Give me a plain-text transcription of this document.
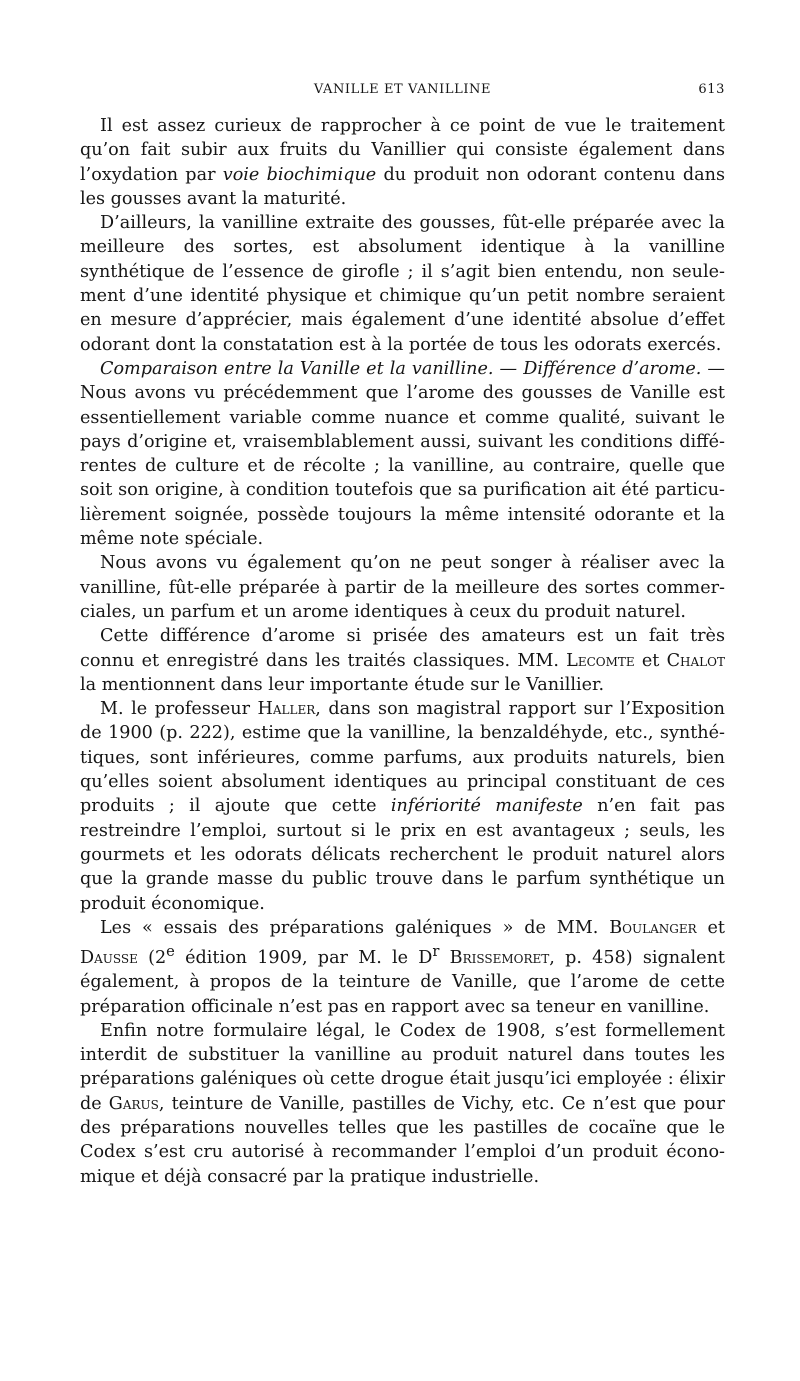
VANILLE ET VANILLINE	613

Il est assez curieux de rapprocher à ce point de vue le traitement qu’on fait subir aux fruits du Vanillier qui consiste également dans l’oxydation par voie biochimique du produit non odorant contenu dans les gousses avant la maturité.

D’ailleurs, la vanilline extraite des gousses, fût-elle préparée avec la meilleure des sortes, est absolument identique à la vanilline synthétique de l’essence de girofle ; il s’agit bien entendu, non seulement d’une identité physique et chimique qu’un petit nombre seraient en mesure d’apprécier, mais également d’une identité absolue d’effet odorant dont la constatation est à la portée de tous les odorats exercés.

Comparaison entre la Vanille et la vanilline. — Différence d’arome. — Nous avons vu précédemment que l’arome des gousses de Vanille est essentiellement variable comme nuance et comme qualité, suivant le pays d’origine et, vraisemblablement aussi, suivant les conditions différentes de culture et de récolte ; la vanilline, au contraire, quelle que soit son origine, à condition toutefois que sa purification ait été particulièrement soignée, possède toujours la même intensité odorante et la même note spéciale.

Nous avons vu également qu’on ne peut songer à réaliser avec la vanilline, fût-elle préparée à partir de la meilleure des sortes commerciales, un parfum et un arome identiques à ceux du produit naturel.

Cette différence d’arome si prisée des amateurs est un fait très connu et enregistré dans les traités classiques. MM. Lecomte et Chalot la mentionnent dans leur importante étude sur le Vanillier.

M. le professeur Haller, dans son magistral rapport sur l’Exposition de 1900 (p. 222), estime que la vanilline, la benzaldéhyde, etc., synthétiques, sont inférieures, comme parfums, aux produits naturels, bien qu’elles soient absolument identiques au principal constituant de ces produits ; il ajoute que cette infériorité manifeste n’en fait pas restreindre l’emploi, surtout si le prix en est avantageux ; seuls, les gourmets et les odorats délicats recherchent le produit naturel alors que la grande masse du public trouve dans le parfum synthétique un produit économique.

Les « essais des préparations galéniques » de MM. Boulanger et Dausse (2e édition 1909, par M. le $D^r$ Brissemoret, p. 458) signalent également, à propos de la teinture de Vanille, que l’arome de cette préparation officinale n’est pas en rapport avec sa teneur en vanilline.

Enfin notre formulaire légal, le Codex de 1908, s’est formellement interdit de substituer la vanilline au produit naturel dans toutes les préparations galéniques où cette drogue était jusqu’ici employée : élixir de Garus, teinture de Vanille, pastilles de Vichy, etc. Ce n’est que pour des préparations nouvelles telles que les pastilles de cocaïne que le Codex s’est cru autorisé à recommander l’emploi d’un produit économique et déjà consacré par la pratique industrielle.
